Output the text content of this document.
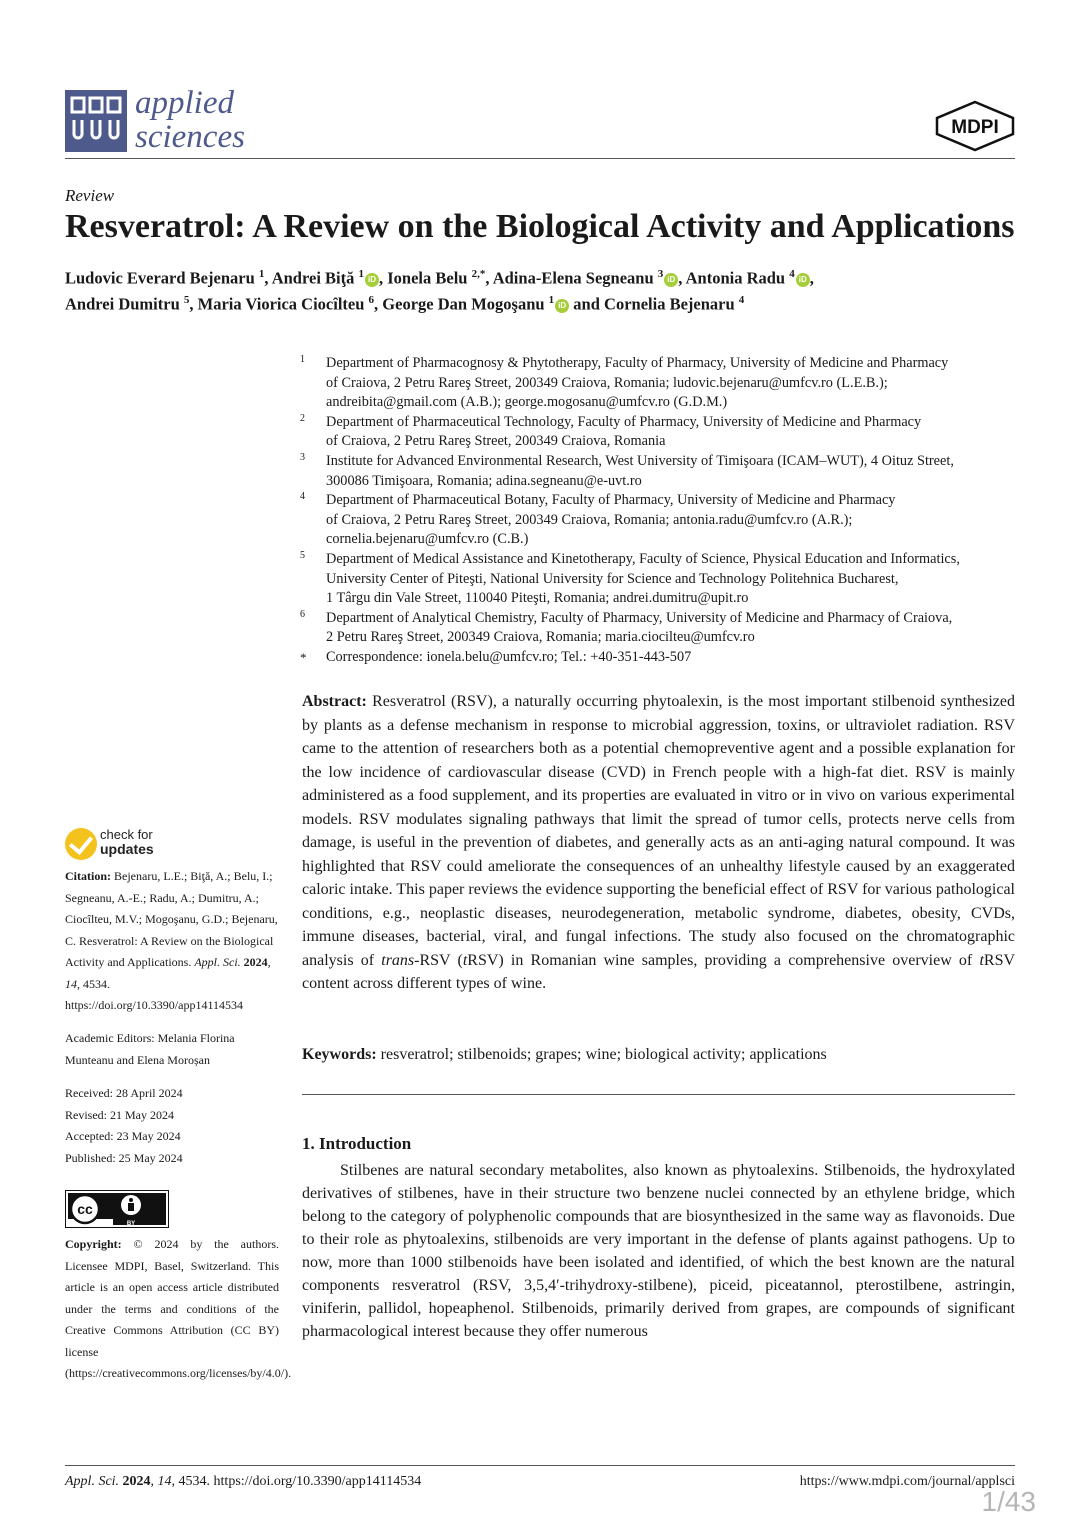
applied
sciences	MDPI
Review
Resveratrol: A Review on the Biological Activity and Applications
Ludovic Everard Bejenaru $^1$, Andrei Biţă $^1$ iD , Ionela Belu $^{2,*}$, Adina-Elena Segneanu $^3$ iD , Antonia Radu $^4$ iD ,
Andrei Dumitru $^5$, Maria Viorica Ciocîlteu $^6$, George Dan Mogoşanu $^1$ iD and Cornelia Bejenaru $^4$
1 Department of Pharmacognosy & Phytotherapy, Faculty of Pharmacy, University of Medicine and Pharmacy
of Craiova, 2 Petru Rareş Street, 200349 Craiova, Romania; ludovic.bejenaru@umfcv.ro (L.E.B.);
andreibita@gmail.com (A.B.); george.mogosanu@umfcv.ro (G.D.M.)
2 Department of Pharmaceutical Technology, Faculty of Pharmacy, University of Medicine and Pharmacy
of Craiova, 2 Petru Rareş Street, 200349 Craiova, Romania
3 Institute for Advanced Environmental Research, West University of Timişoara (ICAM–WUT), 4 Oituz Street,
300086 Timişoara, Romania; adina.segneanu@e-uvt.ro
4 Department of Pharmaceutical Botany, Faculty of Pharmacy, University of Medicine and Pharmacy
of Craiova, 2 Petru Rareş Street, 200349 Craiova, Romania; antonia.radu@umfcv.ro (A.R.);
cornelia.bejenaru@umfcv.ro (C.B.)
5 Department of Medical Assistance and Kinetotherapy, Faculty of Science, Physical Education and Informatics,
University Center of Piteşti, National University for Science and Technology Politehnica Bucharest,
1 Târgu din Vale Street, 110040 Piteşti, Romania; andrei.dumitru@upit.ro
6 Department of Analytical Chemistry, Faculty of Pharmacy, University of Medicine and Pharmacy of Craiova,
2 Petru Rareş Street, 200349 Craiova, Romania; maria.ciocilteu@umfcv.ro
* Correspondence: ionela.belu@umfcv.ro; Tel.: +40-351-443-507
Abstract: Resveratrol (RSV), a naturally occurring phytoalexin, is the most important stilbenoid synthesized by plants as a defense mechanism in response to microbial aggression, toxins, or ultraviolet radiation. RSV came to the attention of researchers both as a potential chemopreventive agent and a possible explanation for the low incidence of cardiovascular disease (CVD) in French people with a high-fat diet. RSV is mainly administered as a food supplement, and its properties are evaluated in vitro or in vivo on various experimental models. RSV modulates signaling pathways that limit the spread of tumor cells, protects nerve cells from damage, is useful in the prevention of diabetes, and generally acts as an anti-aging natural compound. It was highlighted that RSV could ameliorate the consequences of an unhealthy lifestyle caused by an exaggerated caloric intake. This paper reviews the evidence supporting the beneficial effect of RSV for various pathological conditions, e.g., neoplastic diseases, neurodegeneration, metabolic syndrome, diabetes, obesity, CVDs, immune diseases, bacterial, viral, and fungal infections. The study also focused on the chromatographic analysis of trans-RSV (tRSV) in Romanian wine samples, providing a comprehensive overview of tRSV content across different types of wine.
Keywords: resveratrol; stilbenoids; grapes; wine; biological activity; applications
1. Introduction
Stilbenes are natural secondary metabolites, also known as phytoalexins. Stilbenoids, the hydroxylated derivatives of stilbenes, have in their structure two benzene nuclei connected by an ethylene bridge, which belong to the category of polyphenolic compounds that are biosynthesized in the same way as flavonoids. Due to their role as phytoalexins, stilbenoids are very important in the defense of plants against pathogens. Up to now, more than 1000 stilbenoids have been isolated and identified, of which the best known are the natural components resveratrol (RSV, 3,5,4′-trihydroxy-stilbene), piceid, piceatannol, pterostilbene, astringin, viniferin, pallidol, hopeaphenol. Stilbenoids, primarily derived from grapes, are compounds of significant pharmacological interest because they offer numerous
check for
updates
Citation: Bejenaru, L.E.; Biţă, A.; Belu, I.; Segneanu, A.-E.; Radu, A.; Dumitru, A.; Ciocîlteu, M.V.; Mogoşanu, G.D.; Bejenaru, C. Resveratrol: A Review on the Biological Activity and Applications. Appl. Sci. 2024, 14, 4534. https://doi.org/10.3390/app14114534
Academic Editors: Melania Florina Munteanu and Elena Moroșan
Received: 28 April 2024
Revised: 21 May 2024
Accepted: 23 May 2024
Published: 25 May 2024
cc
BY
Copyright: © 2024 by the authors. Licensee MDPI, Basel, Switzerland. This article is an open access article distributed under the terms and conditions of the Creative Commons Attribution (CC BY) license (https://creativecommons.org/licenses/by/4.0/).
Appl. Sci. 2024, 14, 4534. https://doi.org/10.3390/app14114534	https://www.mdpi.com/journal/applsci
1/43
